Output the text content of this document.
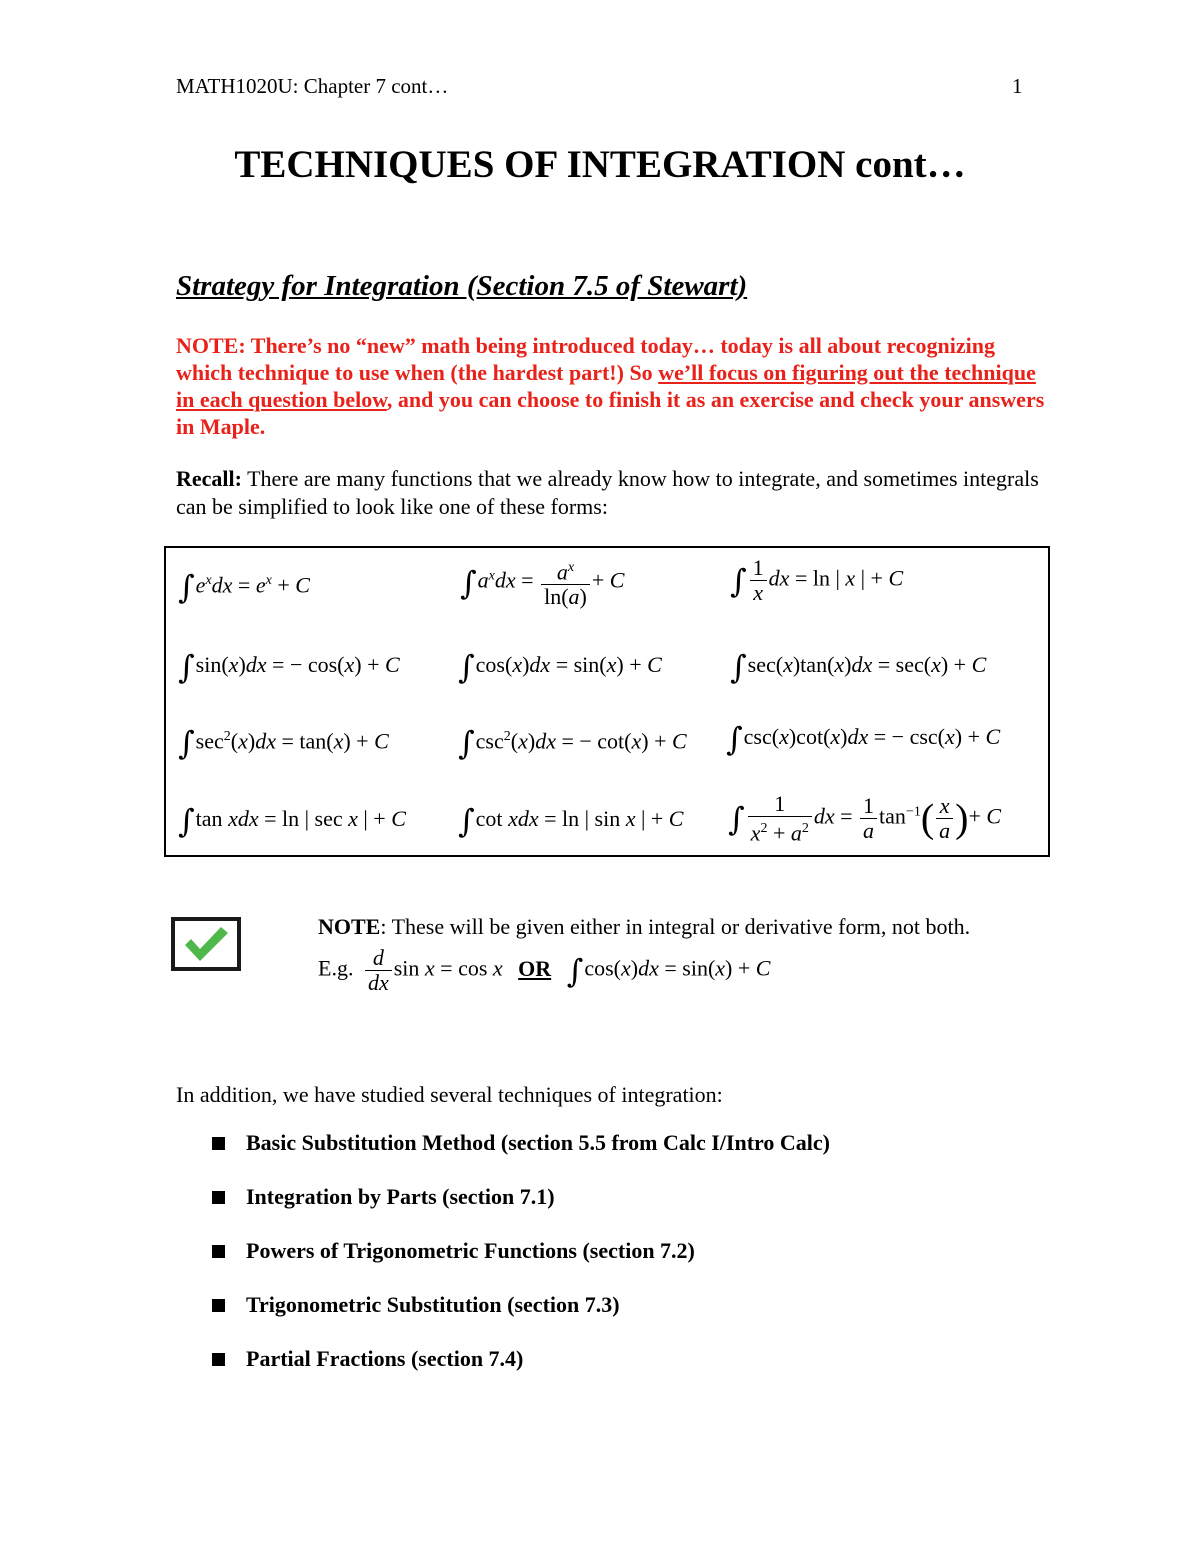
MATH1020U: Chapter 7 cont…	1
TECHNIQUES OF INTEGRATION cont…
Strategy for Integration (Section 7.5 of Stewart)
NOTE: There’s no “new” math being introduced today… today is all about recognizing which technique to use when (the hardest part!) So we’ll focus on figuring out the technique in each question below, and you can choose to finish it as an exercise and check your answers in Maple.
Recall: There are many functions that we already know how to integrate, and sometimes integrals can be simplified to look like one of these forms:
$\int e^xdx = e^x + C$	$\int a^xdx = \frac{a^x}{\ln(a)} + C$	∫ $\frac{1}{x}$ dx = ln | x | + C
∫sin(x)dx = − cos(x) + C ∫cos(x)dx = sin(x) + C ∫sec(x)tan(x)dx = sec(x) + C
$\int\sec^2(x)dx = \tan(x) + C$ $\int\csc^2(x)dx$ = − cot(x) + C ∫csc(x)cot(x)dx = − csc(x) + C
∫tan xdx = ln | sec x | + C ∫cot xdx = ln | sin x | + C ∫ $\frac{1}{x^2 + a^2}$ dx = $\frac{1}{a} \tan^{-1}( \frac{x}{a}$ )+ C
NOTE: These will be given either in integral or derivative form, not both.
E.g. $\frac{d}{dx}$ sin x = cos x OR ∫cos(x)dx = sin(x) + C
In addition, we have studied several techniques of integration:
Basic Substitution Method (section 5.5 from Calc I/Intro Calc)
Integration by Parts (section 7.1)
Powers of Trigonometric Functions (section 7.2)
Trigonometric Substitution (section 7.3)
Partial Fractions (section 7.4)
